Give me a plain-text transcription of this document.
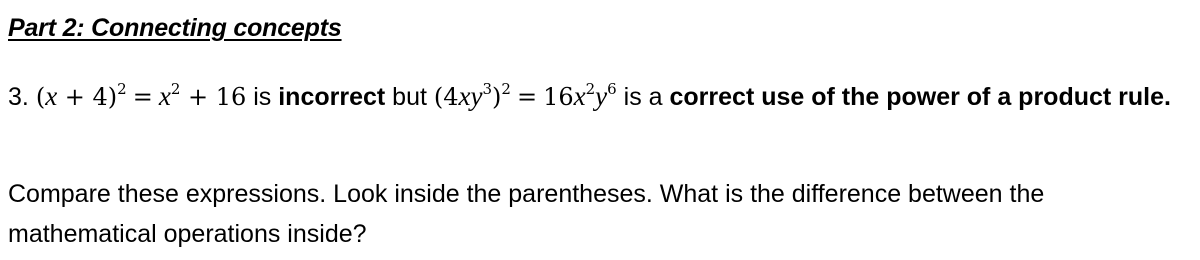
Part 2: Connecting concepts
3. $(x + 4)^2 = x^2 + 16$ is incorrect but $(4xy^3)^2 = 16x^2y^6$ is a correct use of the power of a product rule.
Compare these expressions. Look inside the parentheses. What is the difference between the mathematical operations inside?
